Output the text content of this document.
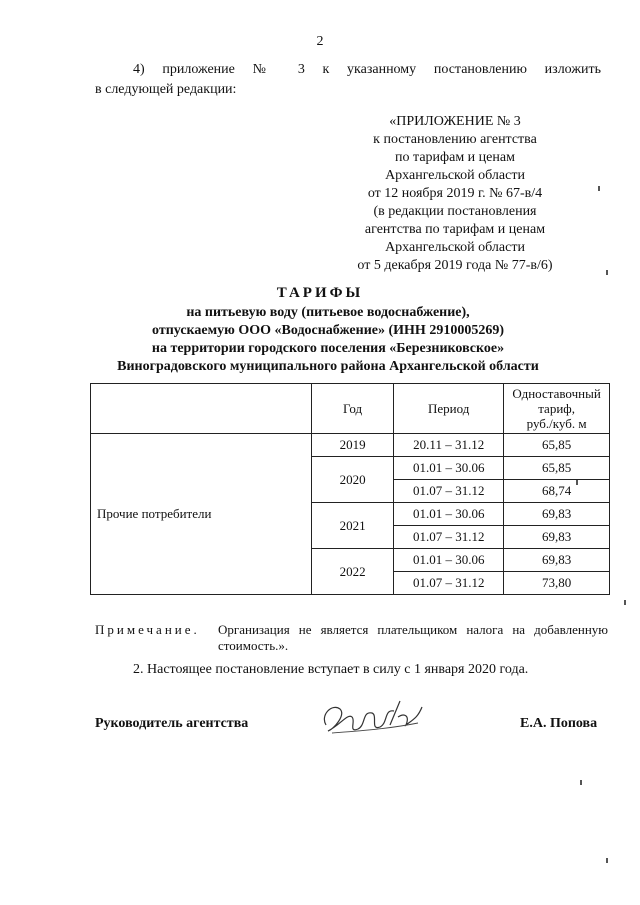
2
4) приложение № 3 к указанному постановлению изложить
в следующей редакции:
«ПРИЛОЖЕНИЕ № 3
к постановлению агентства
по тарифам и ценам
Архангельской области
от 12 ноября 2019 г. № 67-в/4
(в редакции постановления
агентства по тарифам и ценам
Архангельской области
от 5 декабря 2019 года № 77-в/6)
ТАРИФЫ
на питьевую воду (питьевое водоснабжение),
отпускаемую ООО «Водоснабжение» (ИНН 2910005269)
на территории городского поселения «Березниковское»
Виноградовского муниципального района Архангельской области
	Год	Период	Одноставочный
тариф,
руб./куб. м

Прочие потребители	2019	20.11 – 31.12	65,85
	2020	01.01 – 30.06	65,85
		01.07 – 31.12	68,74
	2021	01.01 – 30.06	69,83
		01.07 – 31.12	69,83
	2022	01.01 – 30.06	69,83
		01.07 – 31.12	73,80
Примечание. Организация не является плательщиком налога на добавленную
стоимость.».
2. Настоящее постановление вступает в силу с 1 января 2020 года.
Руководитель агентства	Е.А. Попова
